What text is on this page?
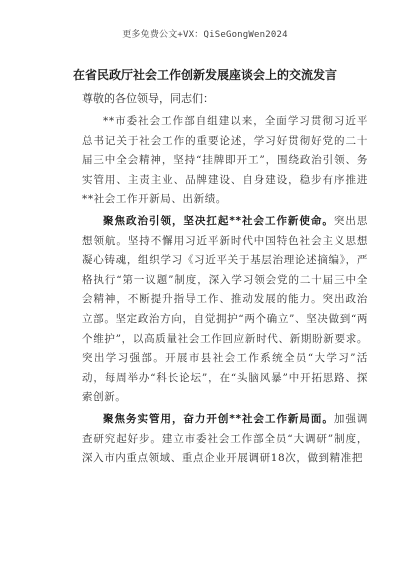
更多免费公文+VX：QiSeGongWen2024
在省民政厅社会工作创新发展座谈会上的交流发言
尊敬的各位领导，同志们：

**市委社会工作部自组建以来，全面学习贯彻习近平总书记关于社会工作的重要论述，学习好贯彻好党的二十届三中全会精神，坚持“挂牌即开工”，围绕政治引领、务实管用、主责主业、品牌建设、自身建设，稳步有序推进**社会工作开新局、出新绩。

聚焦政治引领，坚决扛起**社会工作新使命。突出思想领航。坚持不懈用习近平新时代中国特色社会主义思想凝心铸魂，组织学习《习近平关于基层治理论述摘编》，严格执行“第一议题”制度，深入学习领会党的二十届三中全会精神，不断提升指导工作、推动发展的能力。突出政治立部。坚定政治方向，自觉拥护“两个确立”、坚决做到“两个维护”，以高质量社会工作回应新时代、新期盼新要求。突出学习强部。开展市县社会工作系统全员“大学习”活动，每周举办“科长论坛”，在“头脑风暴”中开拓思路、探索创新。

聚焦务实管用，奋力开创**社会工作新局面。加强调查研究起好步。建立市委社会工作部全员“大调研”制度，深入市内重点领域、重点企业开展调研18次，做到精准把
